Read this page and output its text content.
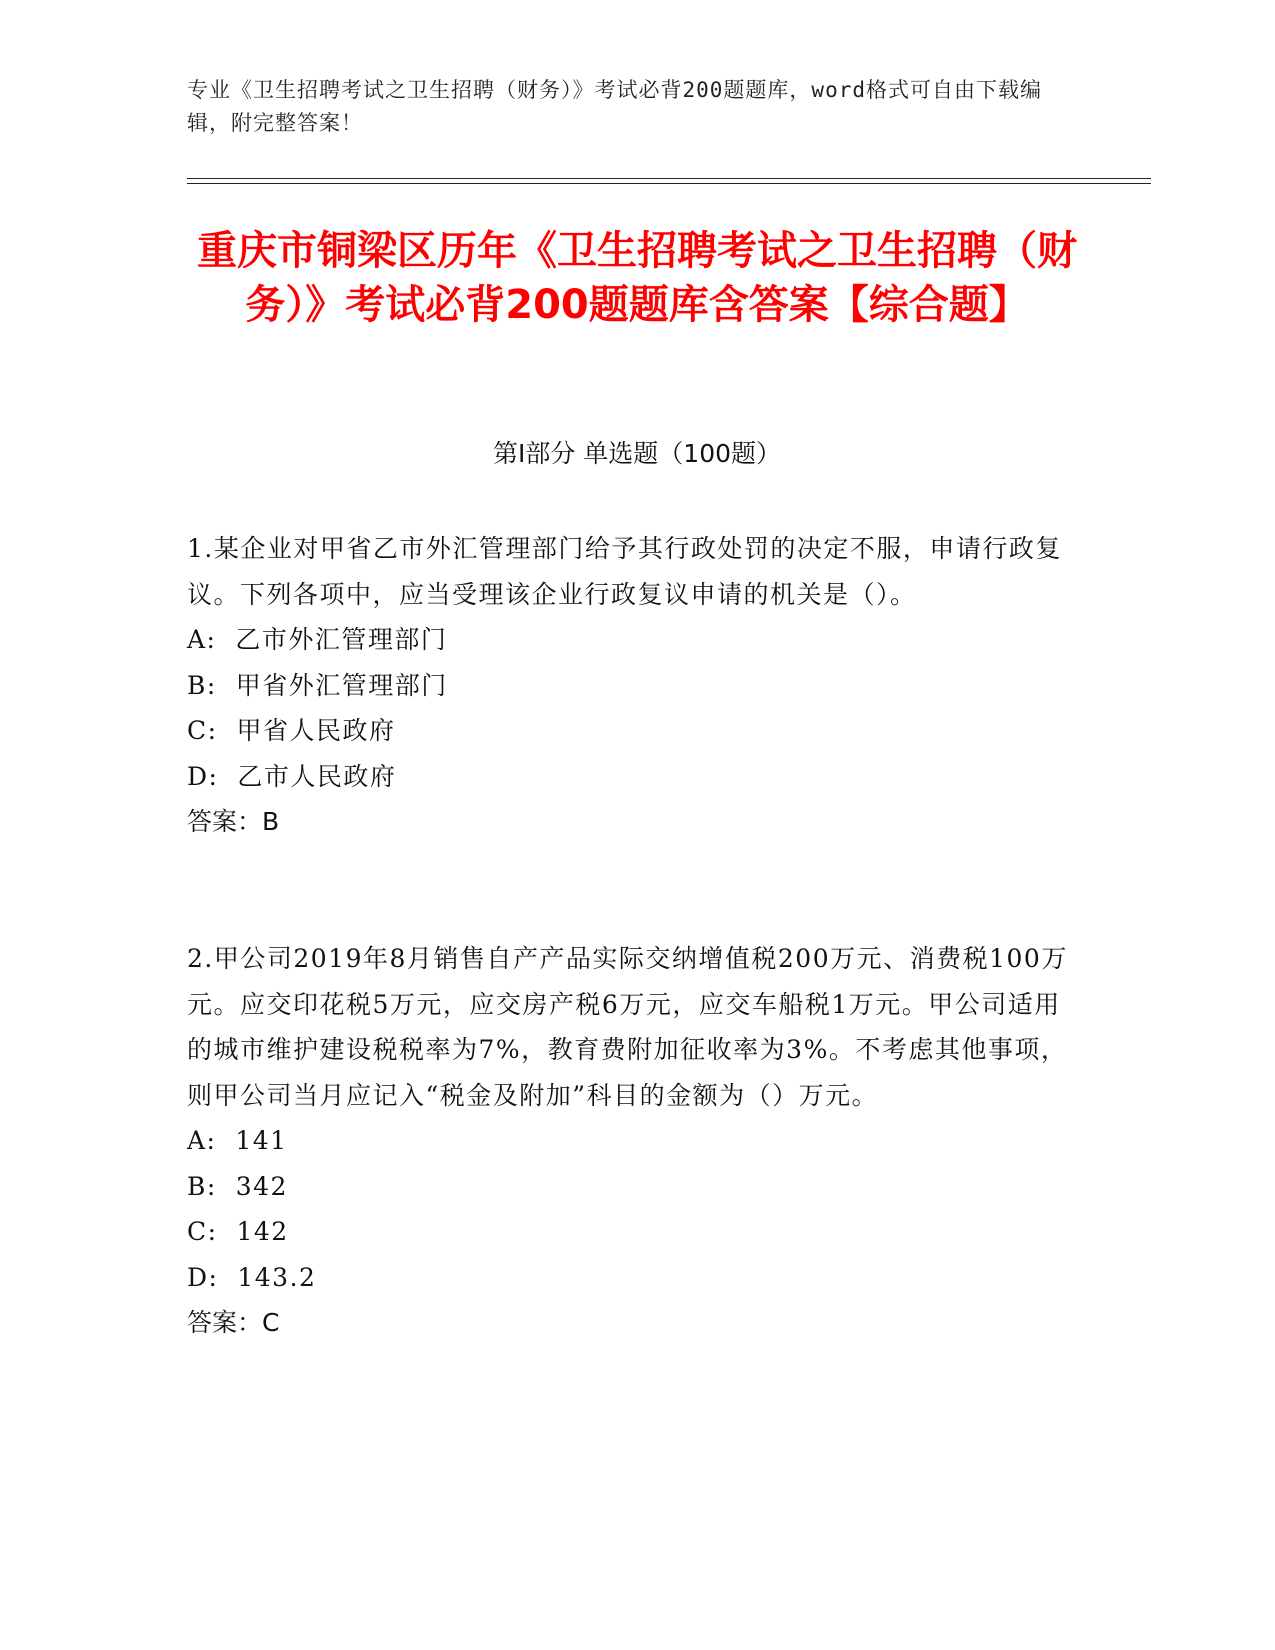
专业《卫生招聘考试之卫生招聘（财务）》考试必背200题题库，word格式可自由下载编辑，附完整答案！
重庆市铜梁区历年《卫生招聘考试之卫生招聘（财务）》考试必背200题题库含答案【综合题】
第Ⅰ部分 单选题（100题）

1.某企业对甲省乙市外汇管理部门给予其行政处罚的决定不服，申请行政复议。下列各项中，应当受理该企业行政复议申请的机关是（）。

A:  乙市外汇管理部门

B:  甲省外汇管理部门

C:  甲省人民政府

D:  乙市人民政府

答案：B

2.甲公司2019年8月销售自产产品实际交纳增值税200万元、消费税100万元。应交印花税5万元，应交房产税6万元，应交车船税1万元。甲公司适用的城市维护建设税税率为7%，教育费附加征收率为3%。不考虑其他事项，则甲公司当月应记入“税金及附加”科目的金额为（）万元。

A:  141

B:  342

C:  142

D:  143.2

答案：C
